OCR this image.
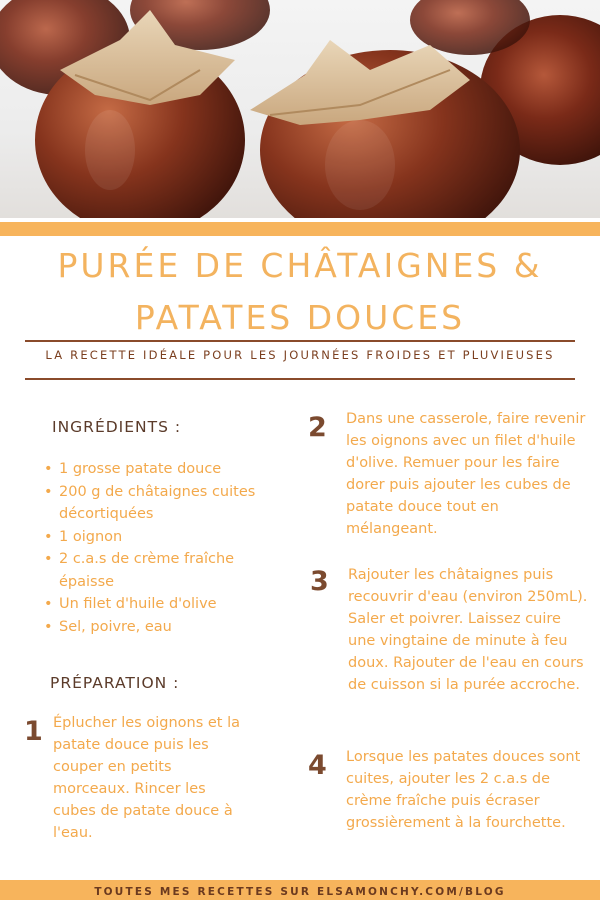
PURÉE DE CHÂTAIGNES &
PATATES DOUCES
LA RECETTE IDÉALE POUR LES JOURNÉES FROIDES ET PLUVIEUSES
INGRÉDIENTS :
• 1 grosse patate douce
• 200 g de châtaignes cuites décortiquées
• 1 oignon
• 2 c.a.s de crème fraîche épaisse
• Un filet d'huile d'olive
• Sel, poivre, eau
PRÉPARATION :
1 Éplucher les oignons et la patate douce puis les couper en petits morceaux. Rincer les cubes de patate douce à l'eau.
2 Dans une casserole, faire revenir les oignons avec un filet d'huile d'olive. Remuer pour les faire dorer puis ajouter les cubes de patate douce tout en mélangeant.
3 Rajouter les châtaignes puis recouvrir d'eau (environ 250mL). Saler et poivrer. Laissez cuire une vingtaine de minute à feu doux. Rajouter de l'eau en cours de cuisson si la purée accroche.
4 Lorsque les patates douces sont cuites, ajouter les 2 c.a.s de crème fraîche puis écraser grossièrement à la fourchette.
TOUTES MES RECETTES SUR ELSAMONCHY.COM/BLOG
